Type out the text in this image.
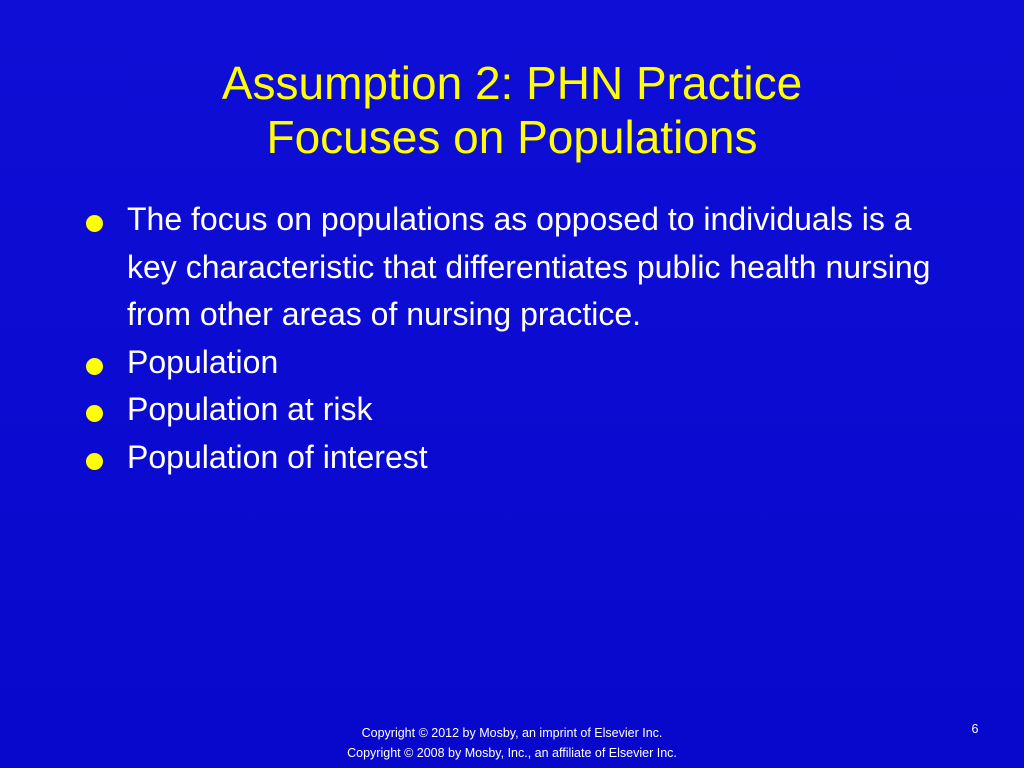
Assumption 2: PHN Practice
Focuses on Populations
The focus on populations as opposed to individuals is a key characteristic that differentiates public health nursing from other areas of nursing practice.
Population
Population at risk
Population of interest
Copyright © 2012 by Mosby, an imprint of Elsevier Inc.
Copyright © 2008 by Mosby, Inc., an affiliate of Elsevier Inc.
6
